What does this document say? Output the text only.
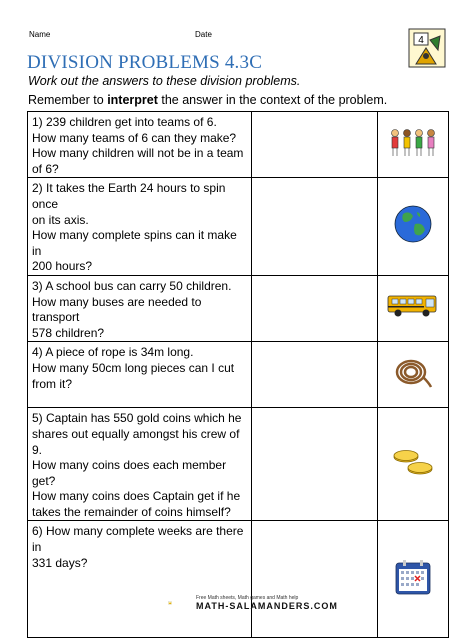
Name	Date
4
DIVISION PROBLEMS 4.3C
Work out the answers to these division problems.
Remember to interpret the answer in the context of the problem.
1) 239 children get into teams of 6.
How many teams of 6 can they make?
How many children will not be in a team
of 6?

2) It takes the Earth 24 hours to spin once
on its axis.
How many complete spins can it make in
200 hours?

3) A school bus can carry 50 children.
How many buses are needed to transport
578 children?

4) A piece of rope is 34m long.
How many 50cm long pieces can I cut
from it?

5) Captain has 550 gold coins which he
shares out equally amongst his crew of 9.
How many coins does each member get?
How many coins does Captain get if he
takes the remainder of coins himself?

6) How many complete weeks are there in
331 days?

Free Math sheets, Math games and Math help
MATH-SALAMANDERS.COM
